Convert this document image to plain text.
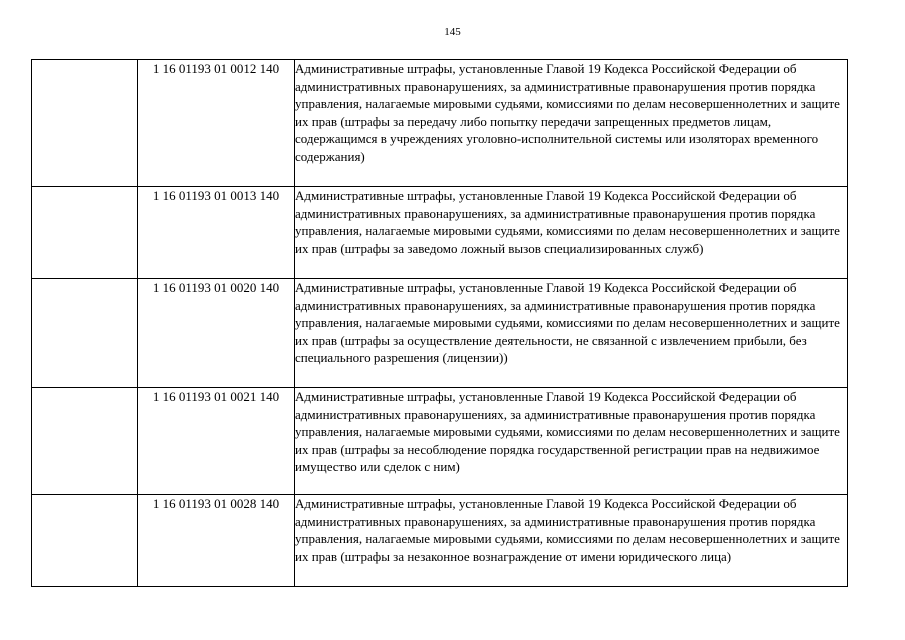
145
	1 16 01193 01 0012 140	Административные штрафы, установленные Главой 19 Кодекса Российской Федерации об административных правонарушениях, за административные правонарушения против порядка управления, налагаемые мировыми судьями, комиссиями по делам несовершеннолетних и защите их прав (штрафы за передачу либо попытку передачи запрещенных предметов лицам, содержащимся в учреждениях уголовно-исполнительной системы или изоляторах временного содержания)
	1 16 01193 01 0013 140	Административные штрафы, установленные Главой 19 Кодекса Российской Федерации об административных правонарушениях, за административные правонарушения против порядка управления, налагаемые мировыми судьями, комиссиями по делам несовершеннолетних и защите их прав (штрафы за заведомо ложный вызов специализированных служб)
	1 16 01193 01 0020 140	Административные штрафы, установленные Главой 19 Кодекса Российской Федерации об административных правонарушениях, за административные правонарушения против порядка управления, налагаемые мировыми судьями, комиссиями по делам несовершеннолетних и защите их прав (штрафы за осуществление деятельности, не связанной с извлечением прибыли, без специального разрешения (лицензии))
	1 16 01193 01 0021 140	Административные штрафы, установленные Главой 19 Кодекса Российской Федерации об административных правонарушениях, за административные правонарушения против порядка управления, налагаемые мировыми судьями, комиссиями по делам несовершеннолетних и защите их прав (штрафы за несоблюдение порядка государственной регистрации прав на недвижимое имущество или сделок с ним)
	1 16 01193 01 0028 140	Административные штрафы, установленные Главой 19 Кодекса Российской Федерации об административных правонарушениях, за административные правонарушения против порядка управления, налагаемые мировыми судьями, комиссиями по делам несовершеннолетних и защите их прав (штрафы за незаконное вознаграждение от имени юридического лица)
